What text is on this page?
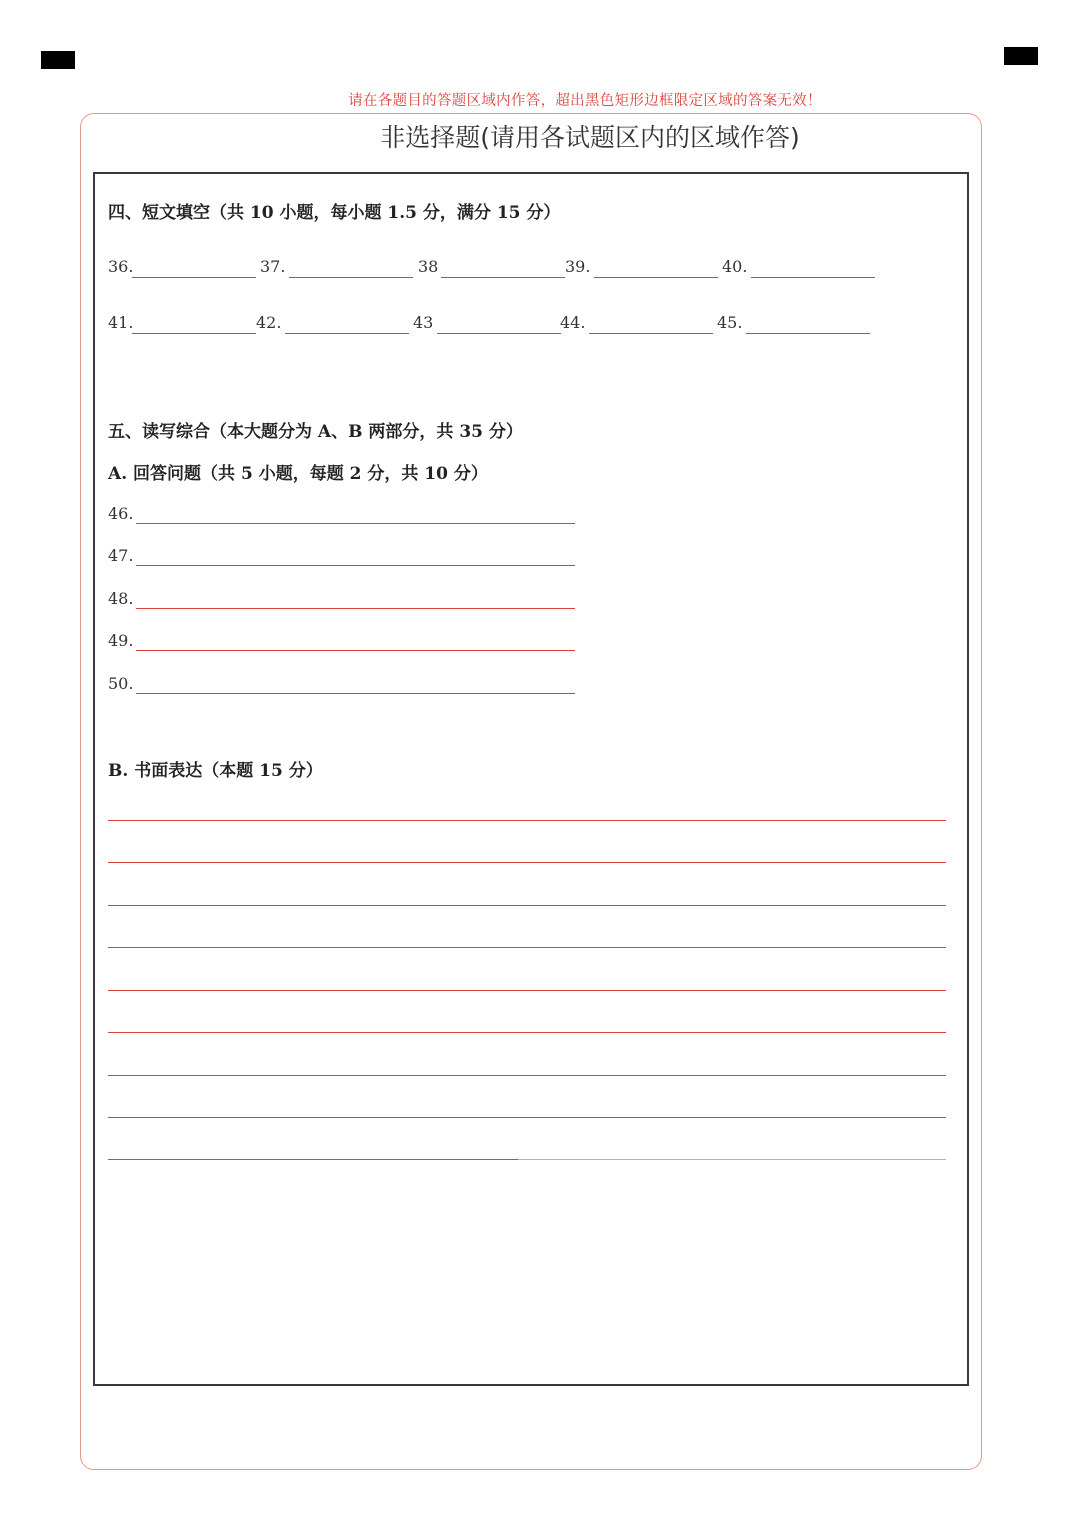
请在各题目的答题区域内作答，超出黑色矩形边框限定区域的答案无效！
非选择题(请用各试题区内的区域作答)
四、短文填空（共 10 小题，每小题 1.5 分，满分 15 分）
36.	37.	38	39.	40.
41.	42.	43	44.	45.
五、读写综合（本大题分为 A、B 两部分，共 35 分）
A. 回答问题（共 5 小题，每题 2 分，共 10 分）
46.
47.
48.
49.
50.
B. 书面表达（本题 15 分）
